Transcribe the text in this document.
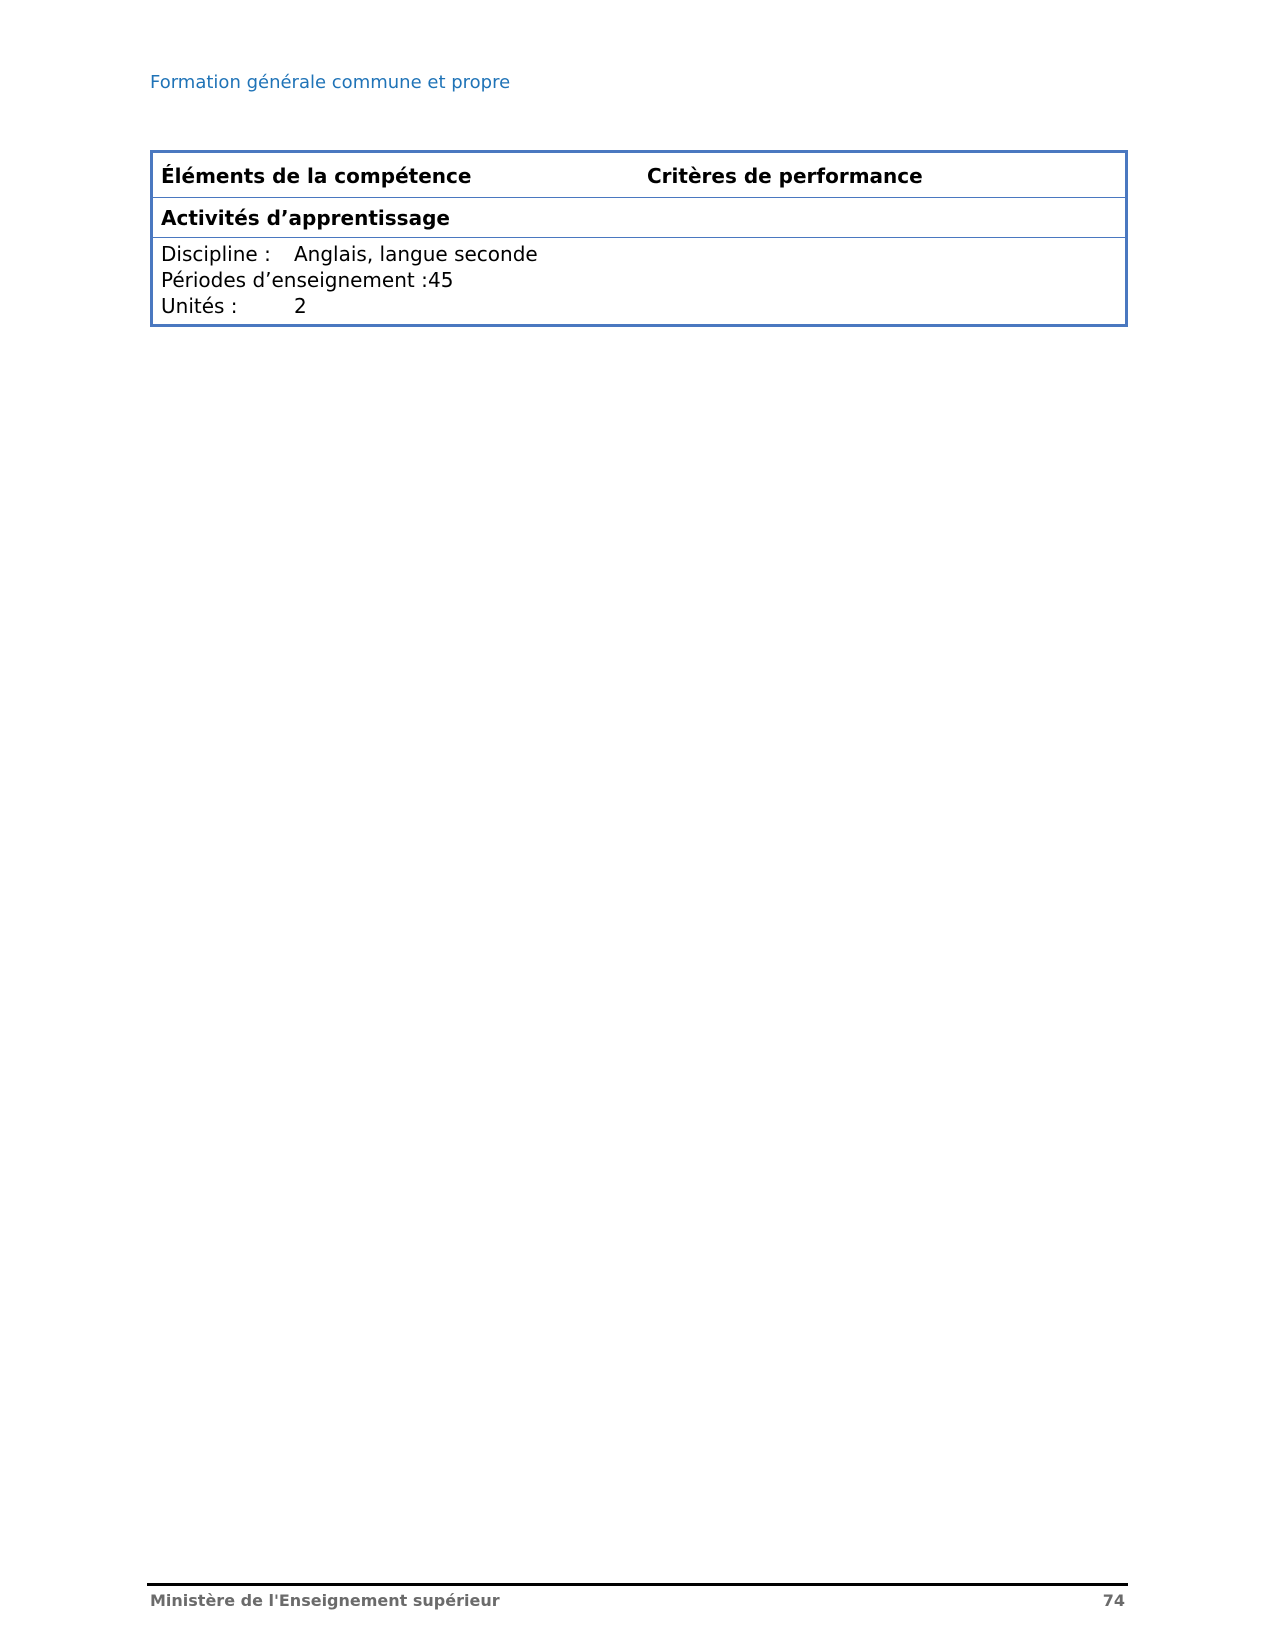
Formation générale commune et propre
Éléments de la compétence	Critères de performance
Activités d’apprentissage
Discipline : Anglais, langue seconde
Périodes d’enseignement : 45
Unités :	2
Ministère de l'Enseignement supérieur	74
